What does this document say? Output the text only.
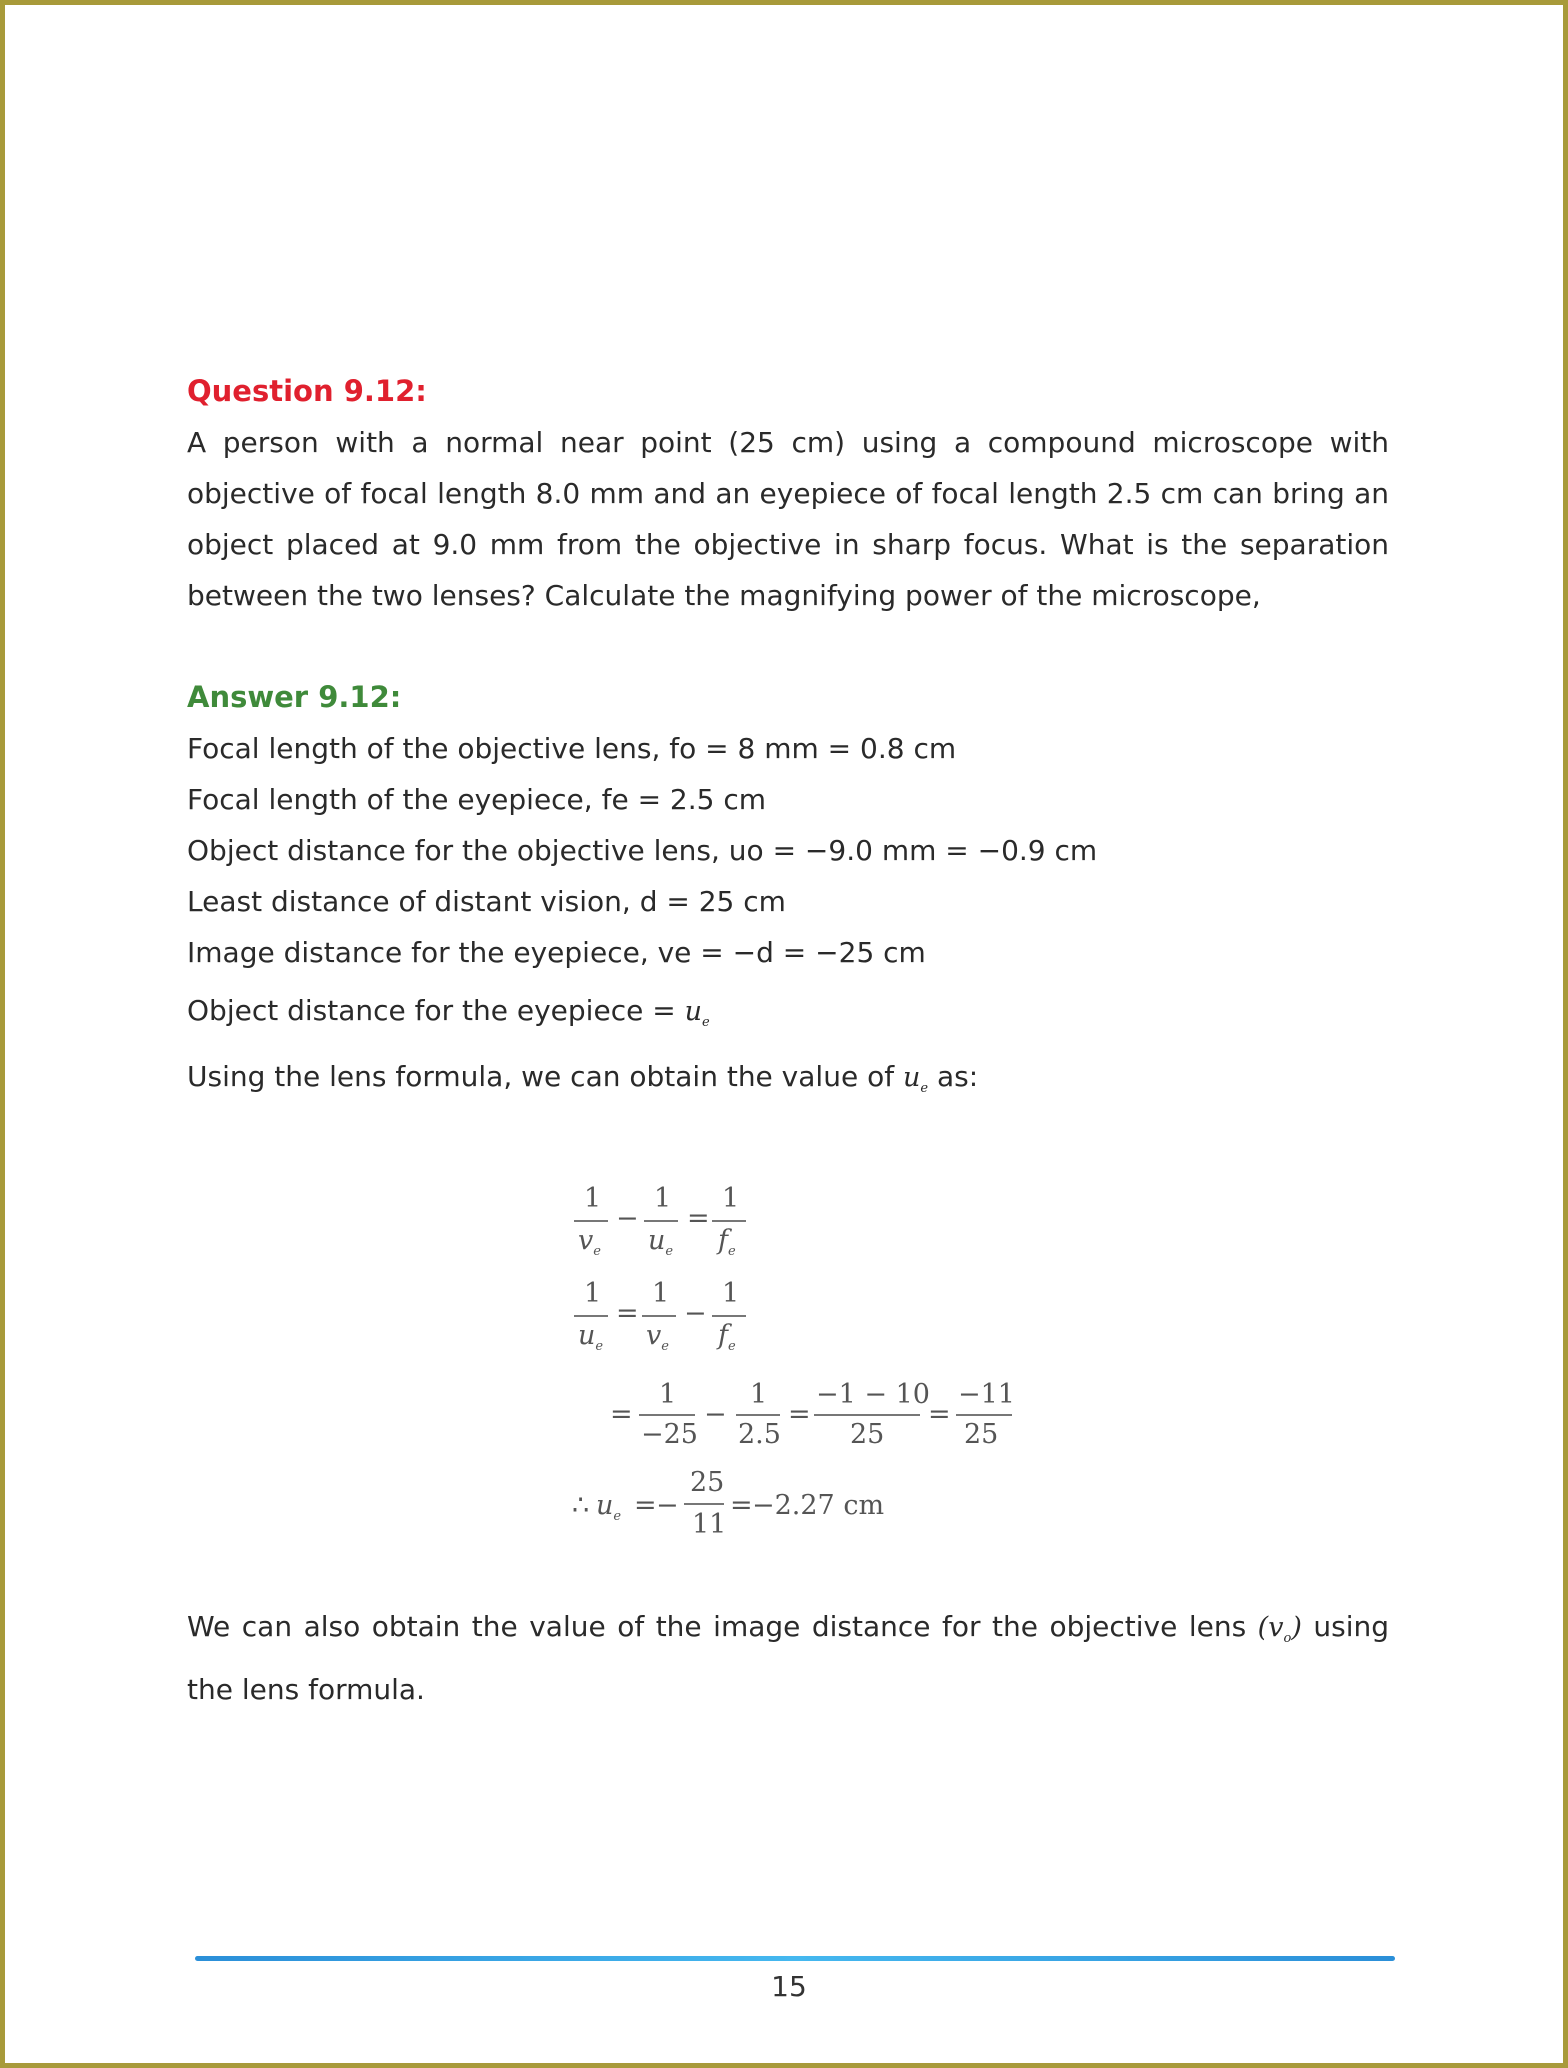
Question 9.12:

A person with a normal near point (25 cm) using a compound microscope with objective of focal length 8.0 mm and an eyepiece of focal length 2.5 cm can bring an object placed at 9.0 mm from the objective in sharp focus. What is the separation between the two lenses? Calculate the magnifying power of the microscope,

Answer 9.12:
Focal length of the objective lens, fo = 8 mm = 0.8 cm
Focal length of the eyepiece, fe = 2.5 cm
Object distance for the objective lens, uo = −9.0 mm = −0.9 cm
Least distance of distant vision, d = 25 cm
Image distance for the eyepiece, ve = −d = −25 cm
Object distance for the eyepiece = $u_e$
Using the lens formula, we can obtain the value of $u_e$ as:
1
$v_e$
−
1
$u_e$
=
1
$f_e$
1
$u_e$
=
1
$v_e$
−
1
$f_e$
=
1
−25
−
1
2.5
=
−1 − 10
25
=
−11
25
∴ $u_e$ = −
25
11
= −2.27 cm

We can also obtain the value of the image distance for the objective lens $(v_o)$ using the lens formula.

15
